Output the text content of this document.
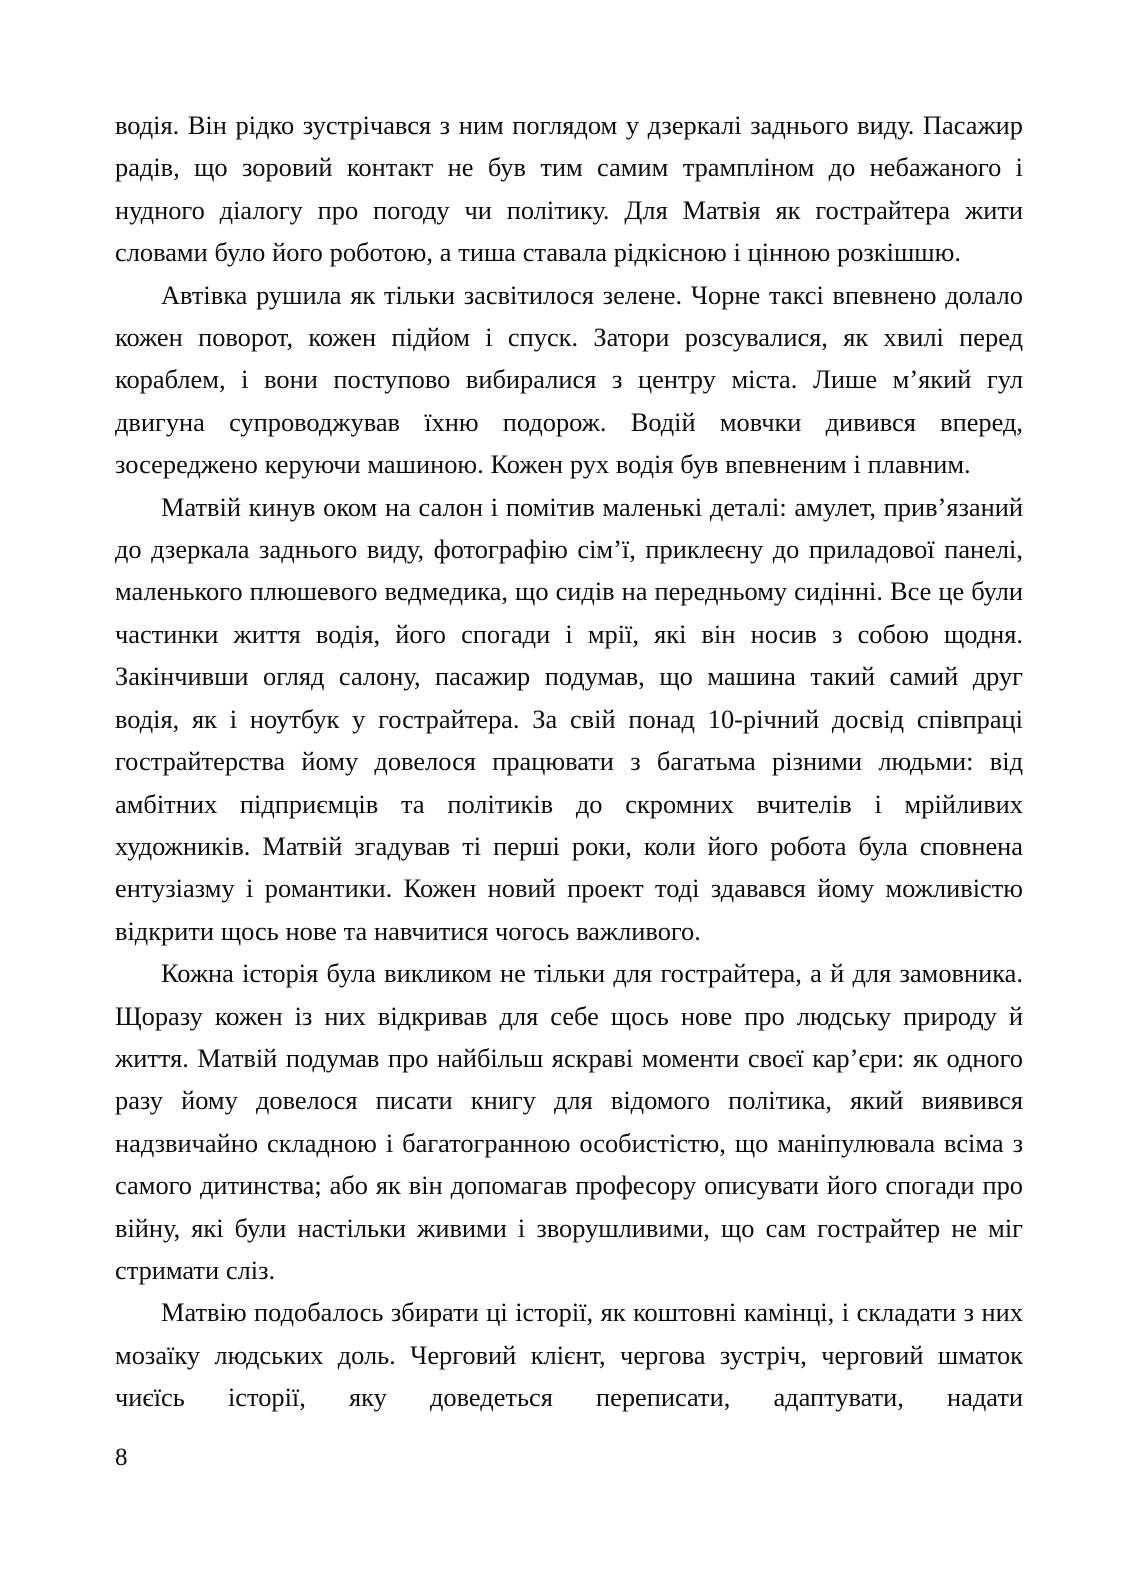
водія. Він рідко зустрічався з ним поглядом у дзеркалі заднього виду. Пасажир радів, що зоровий контакт не був тим самим трампліном до небажаного і нудного діалогу про погоду чи політику. Для Матвія як гострайтера жити словами було його роботою, а тиша ставала рідкісною і цінною розкішшю.

Автівка рушила як тільки засвітилося зелене. Чорне таксі впевнено долало кожен поворот, кожен підйом і спуск. Затори розсувалися, як хвилі перед кораблем, і вони поступово вибиралися з центру міста. Лише м’який гул двигуна супроводжував їхню подорож. Водій мовчки дивився вперед, зосереджено керуючи машиною. Кожен рух водія був впевненим і плавним.

Матвій кинув оком на салон і помітив маленькі деталі: амулет, прив’язаний до дзеркала заднього виду, фотографію сім’ї, приклеєну до приладової панелі, маленького плюшевого ведмедика, що сидів на передньому сидінні. Все це були частинки життя водія, його спогади і мрії, які він носив з собою щодня. Закінчивши огляд салону, пасажир подумав, що машина такий самий друг водія, як і ноутбук у гострайтера. За свій понад 10-річний досвід співпраці гострайтерства йому довелося працювати з багатьма різними людьми: від амбітних підприємців та політиків до скромних вчителів і мрійливих художників. Матвій згадував ті перші роки, коли його робота була сповнена ентузіазму і романтики. Кожен новий проект тоді здавався йому можливістю відкрити щось нове та навчитися чогось важливого.

Кожна історія була викликом не тільки для гострайтера, а й для замовника. Щоразу кожен із них відкривав для себе щось нове про людську природу й життя. Матвій подумав про найбільш яскраві моменти своєї кар’єри: як одного разу йому довелося писати книгу для відомого політика, який виявився надзвичайно складною і багатогранною особистістю, що маніпулювала всіма з самого дитинства; або як він допомагав професору описувати його спогади про війну, які були настільки живими і зворушливими, що сам гострайтер не міг стримати сліз.

Матвію подобалось збирати ці історії, як коштовні камінці, і складати з них мозаїку людських доль. Черговий клієнт, чергова зустріч, черговий шматок чиєїсь історії, яку доведеться переписати, адаптувати, надати

8
